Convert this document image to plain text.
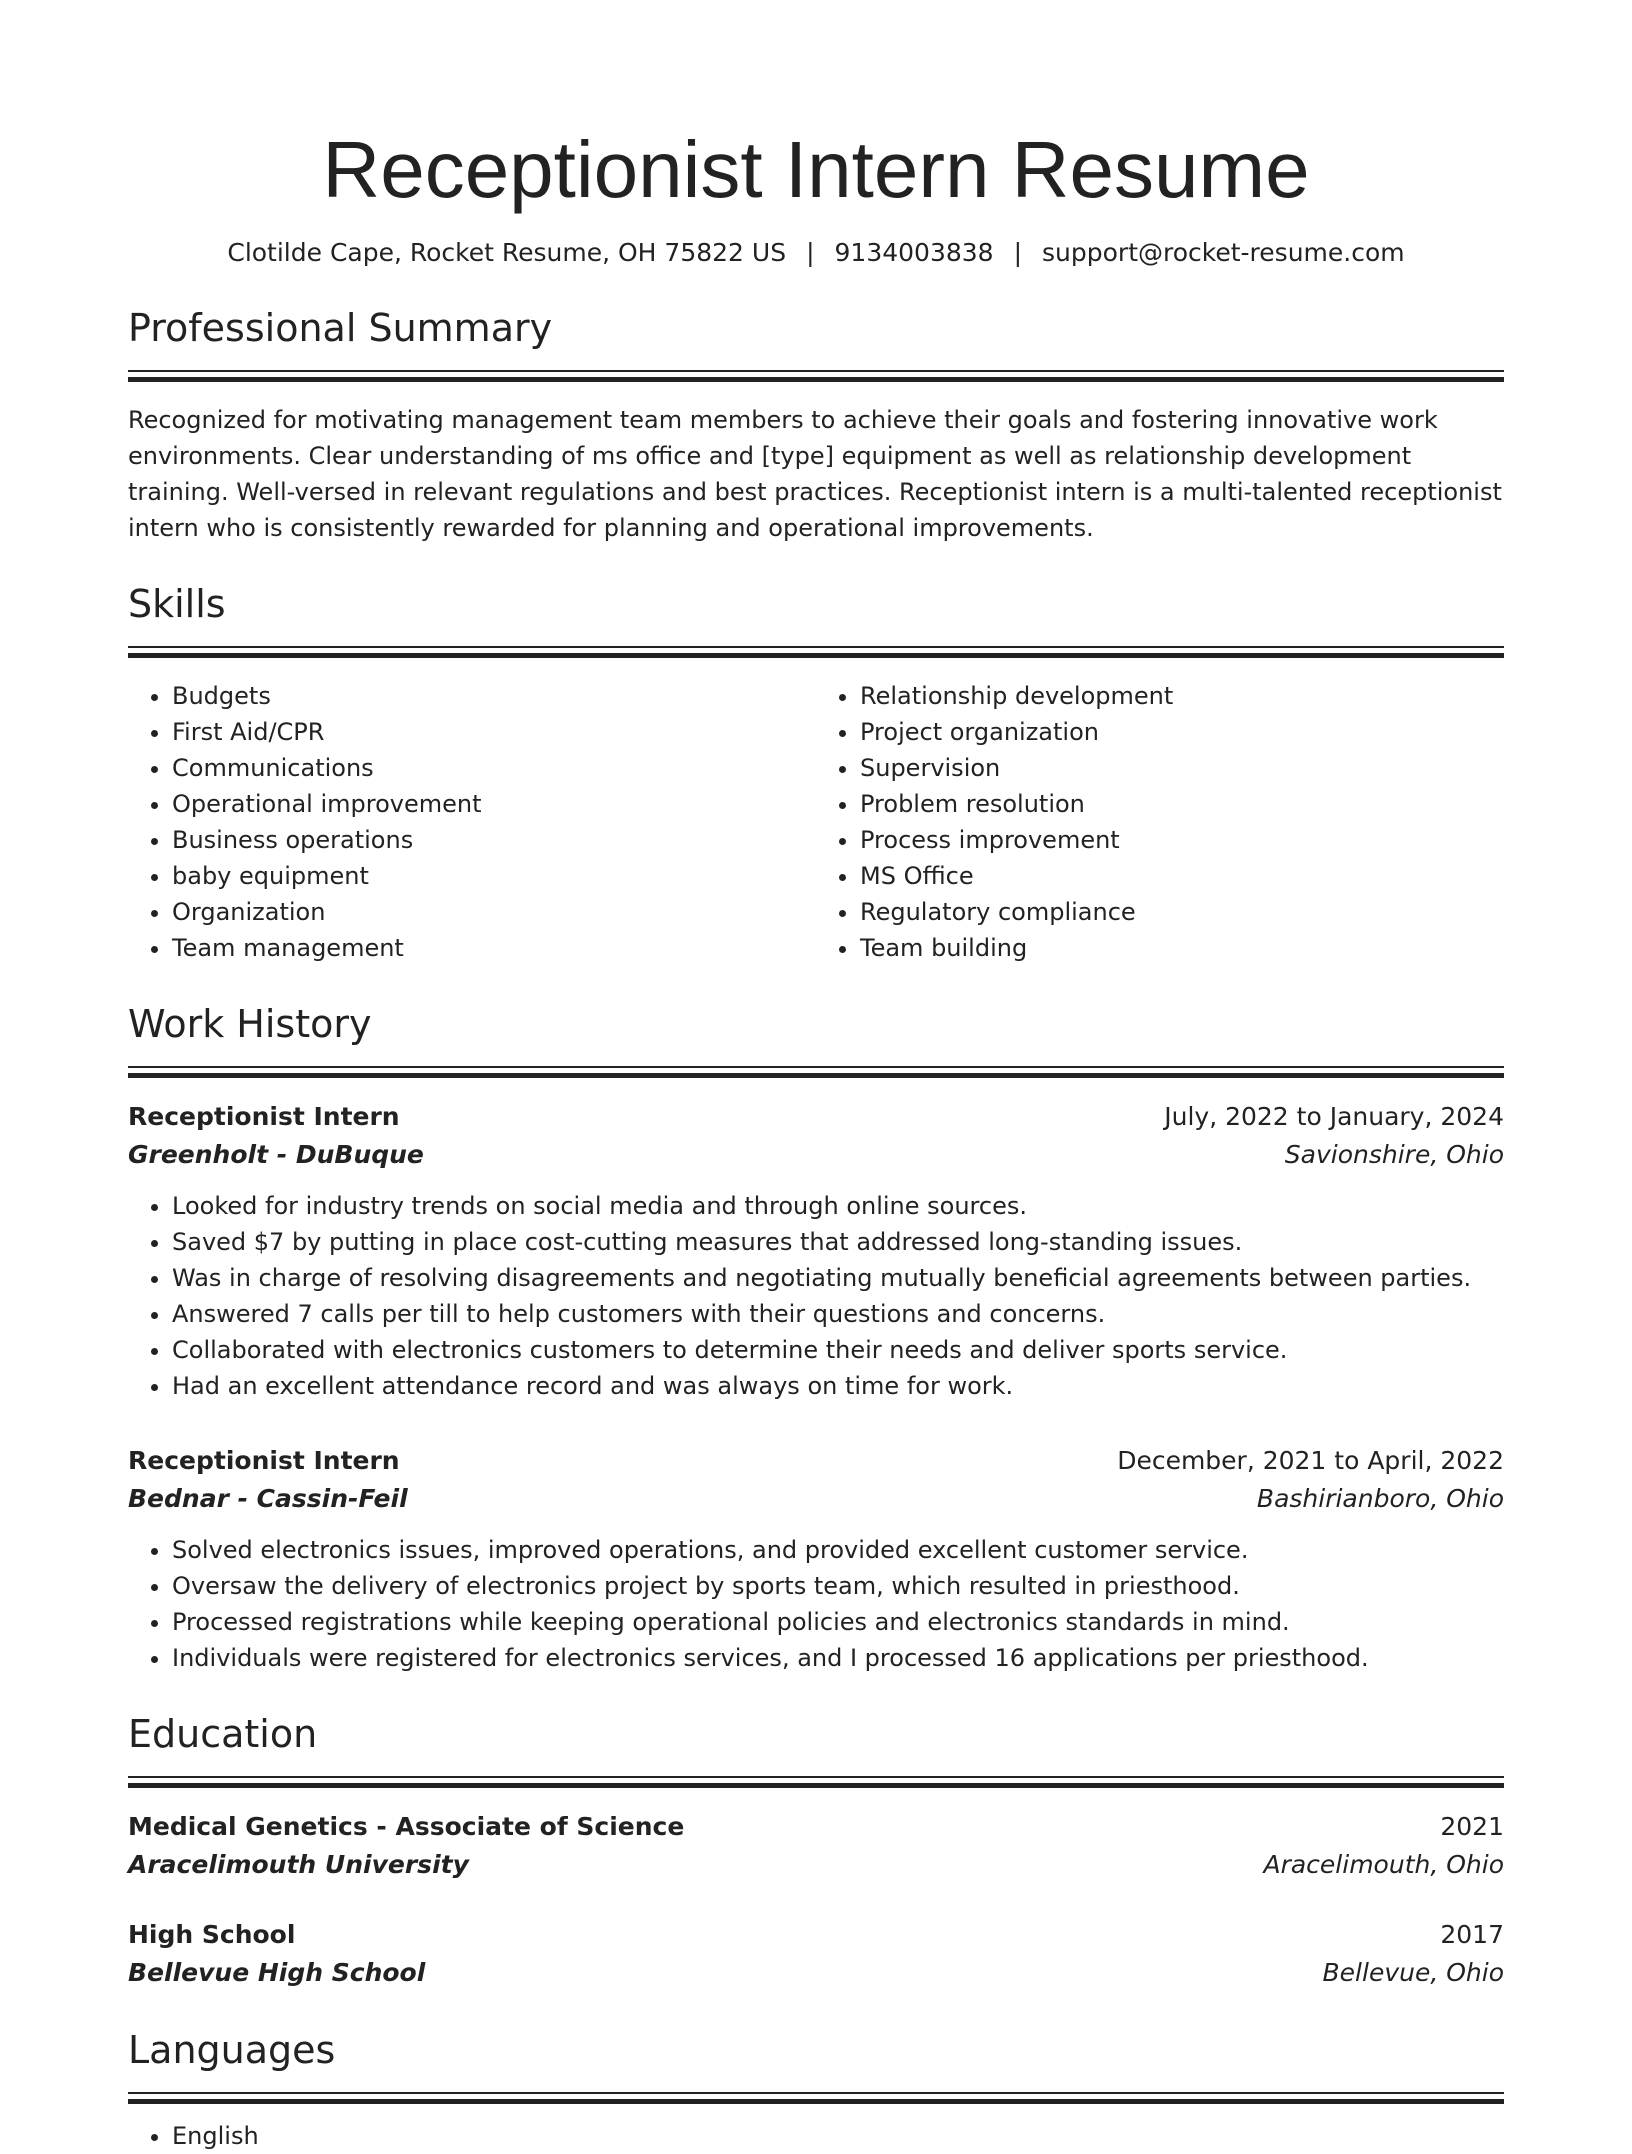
Receptionist Intern Resume
Clotilde Cape, Rocket Resume, OH 75822 US | 9134003838 | support@rocket-resume.com
Professional Summary
Recognized for motivating management team members to achieve their goals and fostering innovative work environments. Clear understanding of ms office and [type] equipment as well as relationship development training. Well-versed in relevant regulations and best practices. Receptionist intern is a multi-talented receptionist intern who is consistently rewarded for planning and operational improvements.
Skills
• Budgets
• First Aid/CPR
• Communications
• Operational improvement
• Business operations
• baby equipment
• Organization
• Team management
• Relationship development
• Project organization
• Supervision
• Problem resolution
• Process improvement
• MS Office
• Regulatory compliance
• Team building
Work History
Receptionist Intern	July, 2022 to January, 2024
Greenholt - DuBuque	Savionshire, Ohio
• Looked for industry trends on social media and through online sources.
• Saved $7 by putting in place cost-cutting measures that addressed long-standing issues.
• Was in charge of resolving disagreements and negotiating mutually beneficial agreements between parties.
• Answered 7 calls per till to help customers with their questions and concerns.
• Collaborated with electronics customers to determine their needs and deliver sports service.
• Had an excellent attendance record and was always on time for work.
Receptionist Intern	December, 2021 to April, 2022
Bednar - Cassin-Feil	Bashirianboro, Ohio
• Solved electronics issues, improved operations, and provided excellent customer service.
• Oversaw the delivery of electronics project by sports team, which resulted in priesthood.
• Processed registrations while keeping operational policies and electronics standards in mind.
• Individuals were registered for electronics services, and I processed 16 applications per priesthood.
Education
Medical Genetics - Associate of Science	2021
Aracelimouth University	Aracelimouth, Ohio
High School	2017
Bellevue High School	Bellevue, Ohio
Languages
• English
